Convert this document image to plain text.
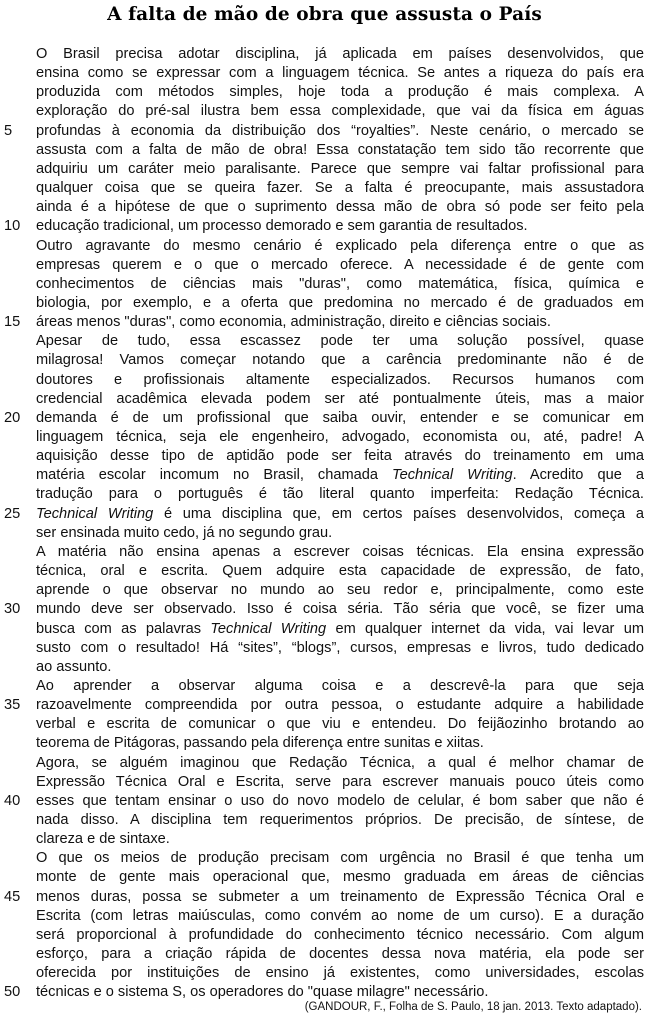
A falta de mão de obra que assusta o País
O Brasil precisa adotar disciplina, já aplicada em países desenvolvidos, que
ensina como se expressar com a linguagem técnica. Se antes a riqueza do país era
produzida com métodos simples, hoje toda a produção é mais complexa. A
exploração do pré-sal ilustra bem essa complexidade, que vai da física em águas
profundas à economia da distribuição dos “royalties”. Neste cenário, o mercado se
assusta com a falta de mão de obra! Essa constatação tem sido tão recorrente que
adquiriu um caráter meio paralisante. Parece que sempre vai faltar profissional para
qualquer coisa que se queira fazer. Se a falta é preocupante, mais assustadora
ainda é a hipótese de que o suprimento dessa mão de obra só pode ser feito pela
educação tradicional, um processo demorado e sem garantia de resultados.
Outro agravante do mesmo cenário é explicado pela diferença entre o que as
empresas querem e o que o mercado oferece. A necessidade é de gente com
conhecimentos de ciências mais "duras", como matemática, física, química e
biologia, por exemplo, e a oferta que predomina no mercado é de graduados em
áreas menos "duras", como economia, administração, direito e ciências sociais.
Apesar de tudo, essa escassez pode ter uma solução possível, quase
milagrosa! Vamos começar notando que a carência predominante não é de
doutores e profissionais altamente especializados. Recursos humanos com
credencial acadêmica elevada podem ser até pontualmente úteis, mas a maior
demanda é de um profissional que saiba ouvir, entender e se comunicar em
linguagem técnica, seja ele engenheiro, advogado, economista ou, até, padre! A
aquisição desse tipo de aptidão pode ser feita através do treinamento em uma
matéria escolar incomum no Brasil, chamada Technical Writing. Acredito que a
tradução para o português é tão literal quanto imperfeita: Redação Técnica.
Technical Writing é uma disciplina que, em certos países desenvolvidos, começa a
ser ensinada muito cedo, já no segundo grau.
A matéria não ensina apenas a escrever coisas técnicas. Ela ensina expressão
técnica, oral e escrita. Quem adquire esta capacidade de expressão, de fato,
aprende o que observar no mundo ao seu redor e, principalmente, como este
mundo deve ser observado. Isso é coisa séria. Tão séria que você, se fizer uma
busca com as palavras Technical Writing em qualquer internet da vida, vai levar um
susto com o resultado! Há “sites”, “blogs”, cursos, empresas e livros, tudo dedicado
ao assunto.
Ao aprender a observar alguma coisa e a descrevê-la para que seja
razoavelmente compreendida por outra pessoa, o estudante adquire a habilidade
verbal e escrita de comunicar o que viu e entendeu. Do feijãozinho brotando ao
teorema de Pitágoras, passando pela diferença entre sunitas e xiitas.
Agora, se alguém imaginou que Redação Técnica, a qual é melhor chamar de
Expressão Técnica Oral e Escrita, serve para escrever manuais pouco úteis como
esses que tentam ensinar o uso do novo modelo de celular, é bom saber que não é
nada disso. A disciplina tem requerimentos próprios. De precisão, de síntese, de
clareza e de sintaxe.
O que os meios de produção precisam com urgência no Brasil é que tenha um
monte de gente mais operacional que, mesmo graduada em áreas de ciências
menos duras, possa se submeter a um treinamento de Expressão Técnica Oral e
Escrita (com letras maiúsculas, como convém ao nome de um curso). E a duração
será proporcional à profundidade do conhecimento técnico necessário. Com algum
esforço, para a criação rápida de docentes dessa nova matéria, ela pode ser
oferecida por instituições de ensino já existentes, como universidades, escolas
técnicas e o sistema S, os operadores do "quase milagre" necessário.
(GANDOUR, F., Folha de S. Paulo, 18 jan. 2013. Texto adaptado).
5
10
15
20
25
30
35
40
45
50
